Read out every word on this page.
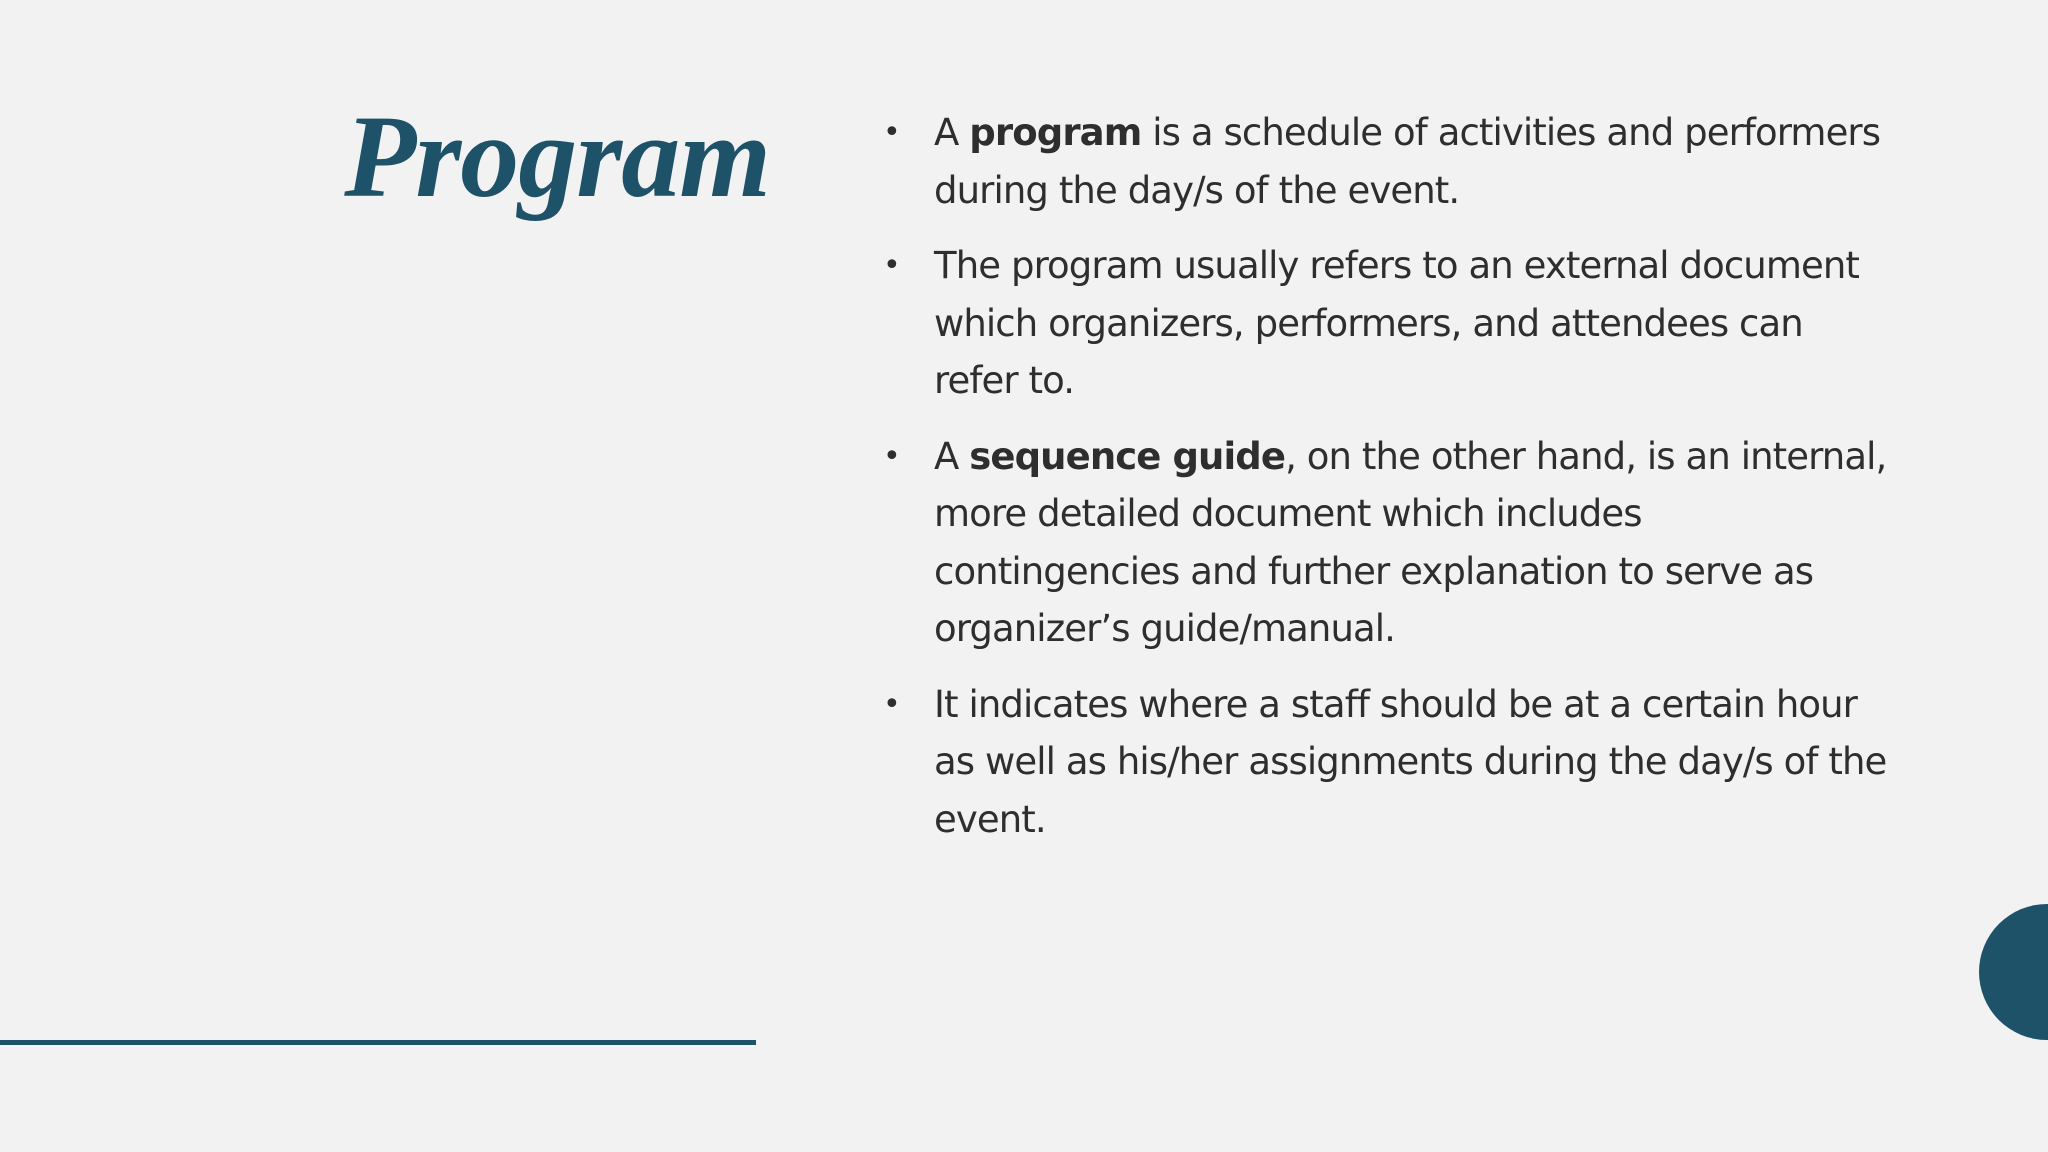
Program	• A program is a schedule of activities and performers during the day/s of the event.
• The program usually refers to an external document which organizers, performers, and attendees can refer to.
• A sequence guide, on the other hand, is an internal, more detailed document which includes contingencies and further explanation to serve as organizer’s guide/manual.
• It indicates where a staff should be at a certain hour as well as his/her assignments during the day/s of the event.
